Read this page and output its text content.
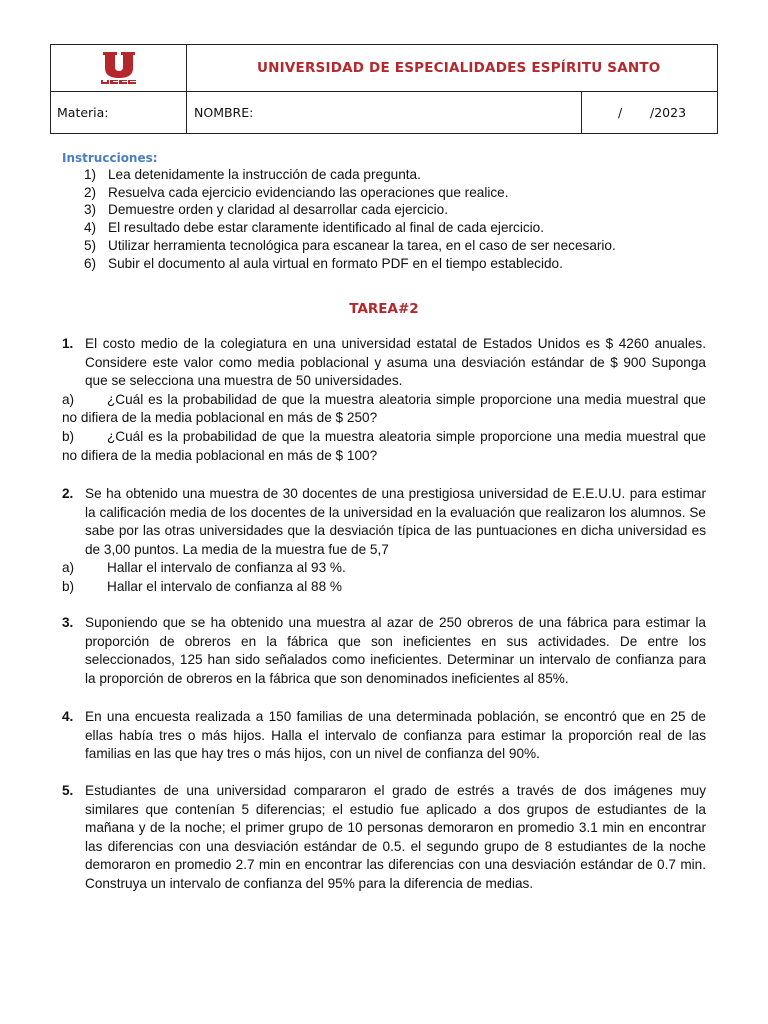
UNIVERSIDAD DE ESPECIALIDADES ESPÍRITU SANTO
Materia:	NOMBRE:	/ /2023
Instrucciones:
1) Lea detenidamente la instrucción de cada pregunta.
2) Resuelva cada ejercicio evidenciando las operaciones que realice.
3) Demuestre orden y claridad al desarrollar cada ejercicio.
4) El resultado debe estar claramente identificado al final de cada ejercicio.
5) Utilizar herramienta tecnológica para escanear la tarea, en el caso de ser necesario.
6) Subir el documento al aula virtual en formato PDF en el tiempo establecido.
TAREA#2
1. El costo medio de la colegiatura en una universidad estatal de Estados Unidos es $ 4260 anuales. Considere este valor como media poblacional y asuma una desviación estándar de $ 900 Suponga que se selecciona una muestra de 50 universidades.
a)	¿Cuál es la probabilidad de que la muestra aleatoria simple proporcione una media muestral que no difiera de la media poblacional en más de $ 250?
b)	¿Cuál es la probabilidad de que la muestra aleatoria simple proporcione una media muestral que no difiera de la media poblacional en más de $ 100?
2. Se ha obtenido una muestra de 30 docentes de una prestigiosa universidad de E.E.U.U. para estimar la calificación media de los docentes de la universidad en la evaluación que realizaron los alumnos. Se sabe por las otras universidades que la desviación típica de las puntuaciones en dicha universidad es de 3,00 puntos. La media de la muestra fue de 5,7
a)	Hallar el intervalo de confianza al 93 %.
b)	Hallar el intervalo de confianza al 88 %
3. Suponiendo que se ha obtenido una muestra al azar de 250 obreros de una fábrica para estimar la proporción de obreros en la fábrica que son ineficientes en sus actividades. De entre los seleccionados, 125 han sido señalados como ineficientes. Determinar un intervalo de confianza para la proporción de obreros en la fábrica que son denominados ineficientes al 85%.
4. En una encuesta realizada a 150 familias de una determinada población, se encontró que en 25 de ellas había tres o más hijos. Halla el intervalo de confianza para estimar la proporción real de las familias en las que hay tres o más hijos, con un nivel de confianza del 90%.
5. Estudiantes de una universidad compararon el grado de estrés a través de dos imágenes muy similares que contenían 5 diferencias; el estudio fue aplicado a dos grupos de estudiantes de la mañana y de la noche; el primer grupo de 10 personas demoraron en promedio 3.1 min en encontrar las diferencias con una desviación estándar de 0.5. el segundo grupo de 8 estudiantes de la noche demoraron en promedio 2.7 min en encontrar las diferencias con una desviación estándar de 0.7 min. Construya un intervalo de confianza del 95% para la diferencia de medias.
